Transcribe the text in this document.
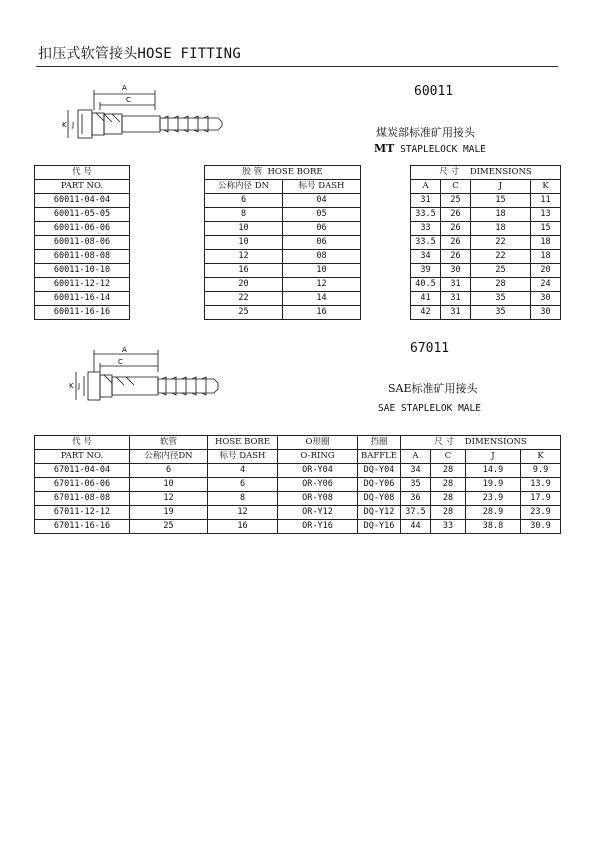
扣压式软管接头HOSE FITTING
A
C
K J
60011
煤炭部标准矿用接头
MT STAPLELOCK MALE
代 号		胶 管 HOSE BORE			尺 寸 DIMENSIONS			
PART NO.		公称内径 DN	标号 DASH		A	C	J	K
60011-04-04		6	04		31	25	15	11
60011-05-05		8	05		33.5	26	18	13
60011-06-06		10	06		33	26	18	15
60011-08-06		10	06		33.5	26	22	18
60011-08-08		12	08		34	26	22	18
60011-10-10		16	10		39	30	25	20
60011-12-12		20	12		40.5	31	28	24
60011-16-14		22	14		41	31	35	30
60011-16-16		25	16		42	31	35	30
A
C
K J
67011
SAE标准矿用接头
SAE STAPLELOK MALE
代 号	软管	HOSE BORE	O形圈	挡圈	尺 寸 DIMENSIONS			
PART NO.	公称内径DN	标号 DASH	O-RING	BAFFLE	A	C	J	K
67011-04-04	6	4	OR-Y04	DQ-Y04	34	28	14.9	9.9
67011-06-06	10	6	OR-Y06	DQ-Y06	35	28	19.9	13.9
67011-08-08	12	8	OR-Y08	DQ-Y08	36	28	23.9	17.9
67011-12-12	19	12	OR-Y12	DQ-Y12	37.5	28	28.9	23.9
67011-16-16	25	16	OR-Y16	DQ-Y16	44	33	38.8	30.9
